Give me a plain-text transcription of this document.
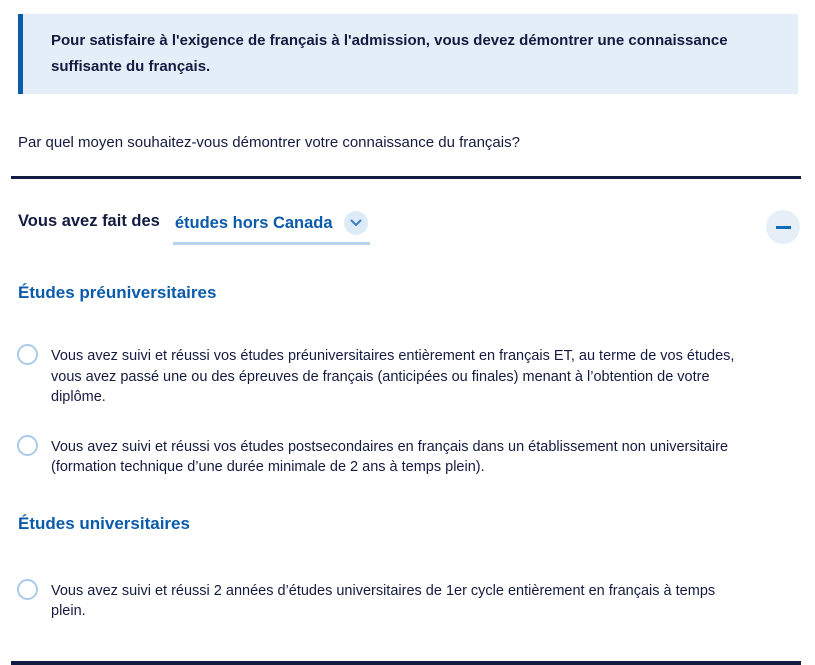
Pour satisfaire à l'exigence de français à l'admission, vous devez démontrer une connaissance suffisante du français.

Par quel moyen souhaitez-vous démontrer votre connaissance du français?

Vous avez fait des études hors Canada
Études préuniversitaires
Vous avez suivi et réussi vos études préuniversitaires entièrement en français ET, au terme de vos études, vous avez passé une ou des épreuves de français (anticipées ou finales) menant à l’obtention de votre diplôme.
Vous avez suivi et réussi vos études postsecondaires en français dans un établissement non universitaire (formation technique d’une durée minimale de 2 ans à temps plein).
Études universitaires
Vous avez suivi et réussi 2 années d’études universitaires de 1er cycle entièrement en français à temps plein.
